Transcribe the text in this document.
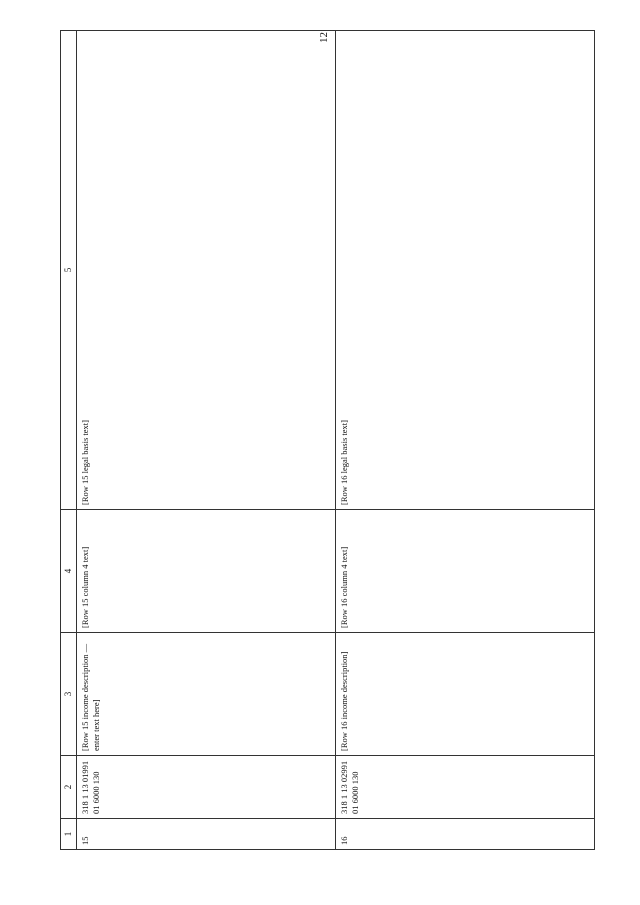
12
1	2	3	4	5
15	318 1 13 01991 01 6000 130	[Row 15 income description — enter text here]	[Row 15 column 4 text]	[Row 15 legal basis text]
16	318 1 13 02991 01 6000 130	[Row 16 income description]	[Row 16 column 4 text]	[Row 16 legal basis text]
